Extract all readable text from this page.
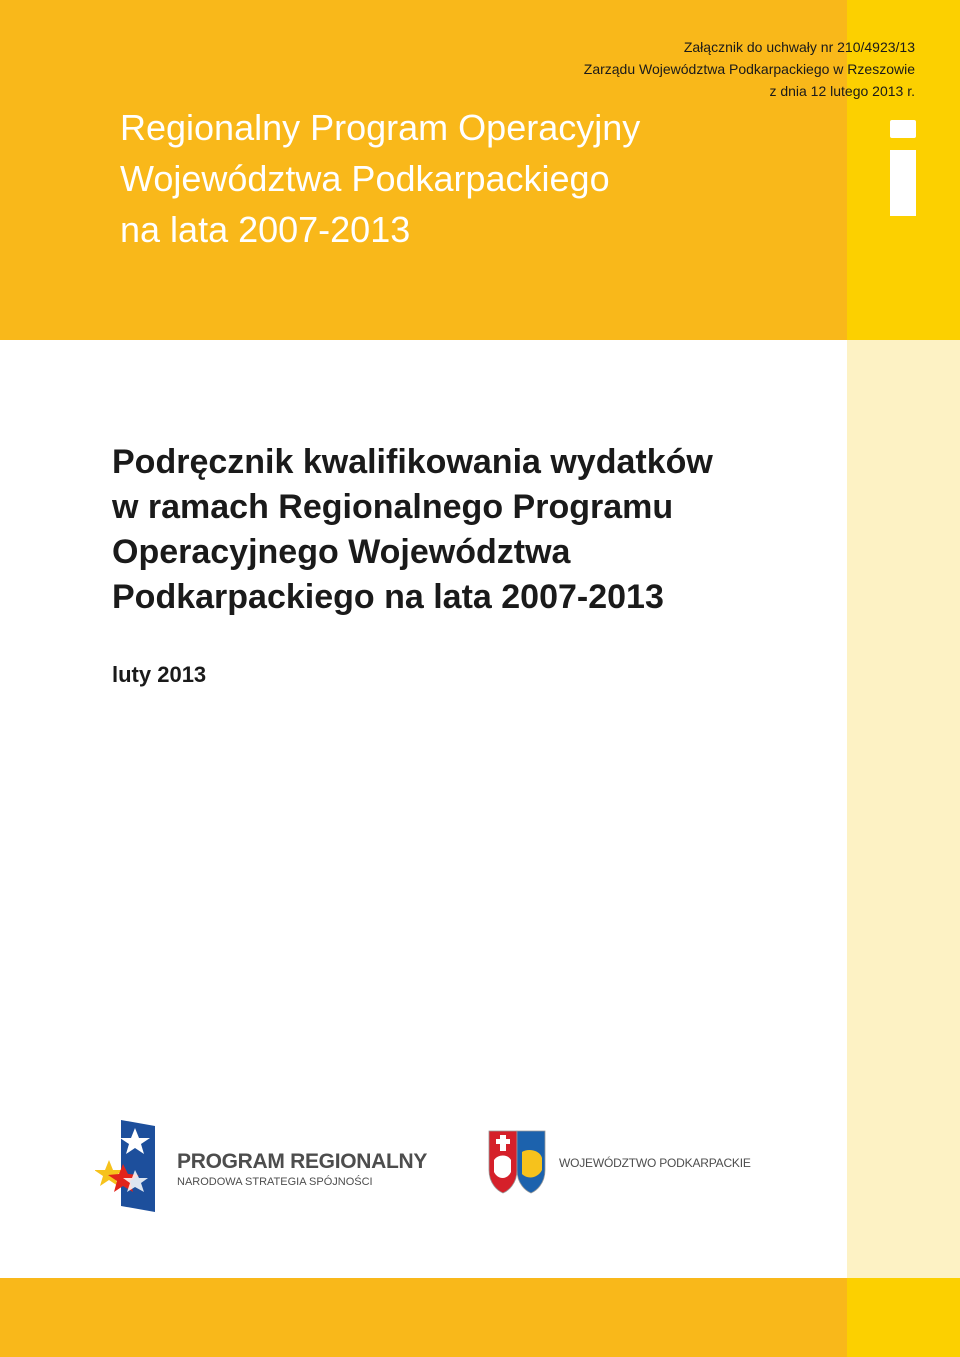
Załącznik do uchwały nr 210/4923/13
Zarządu Województwa Podkarpackiego w Rzeszowie
z dnia 12 lutego 2013 r.
Regionalny Program Operacyjny
Województwa Podkarpackiego
na lata 2007-2013
Podręcznik kwalifikowania wydatków
w ramach Regionalnego Programu
Operacyjnego Województwa
Podkarpackiego na lata 2007-2013
luty 2013
PROGRAM REGIONALNY
NARODOWA STRATEGIA SPÓJNOŚCI
WOJEWÓDZTWO PODKARPACKIE
